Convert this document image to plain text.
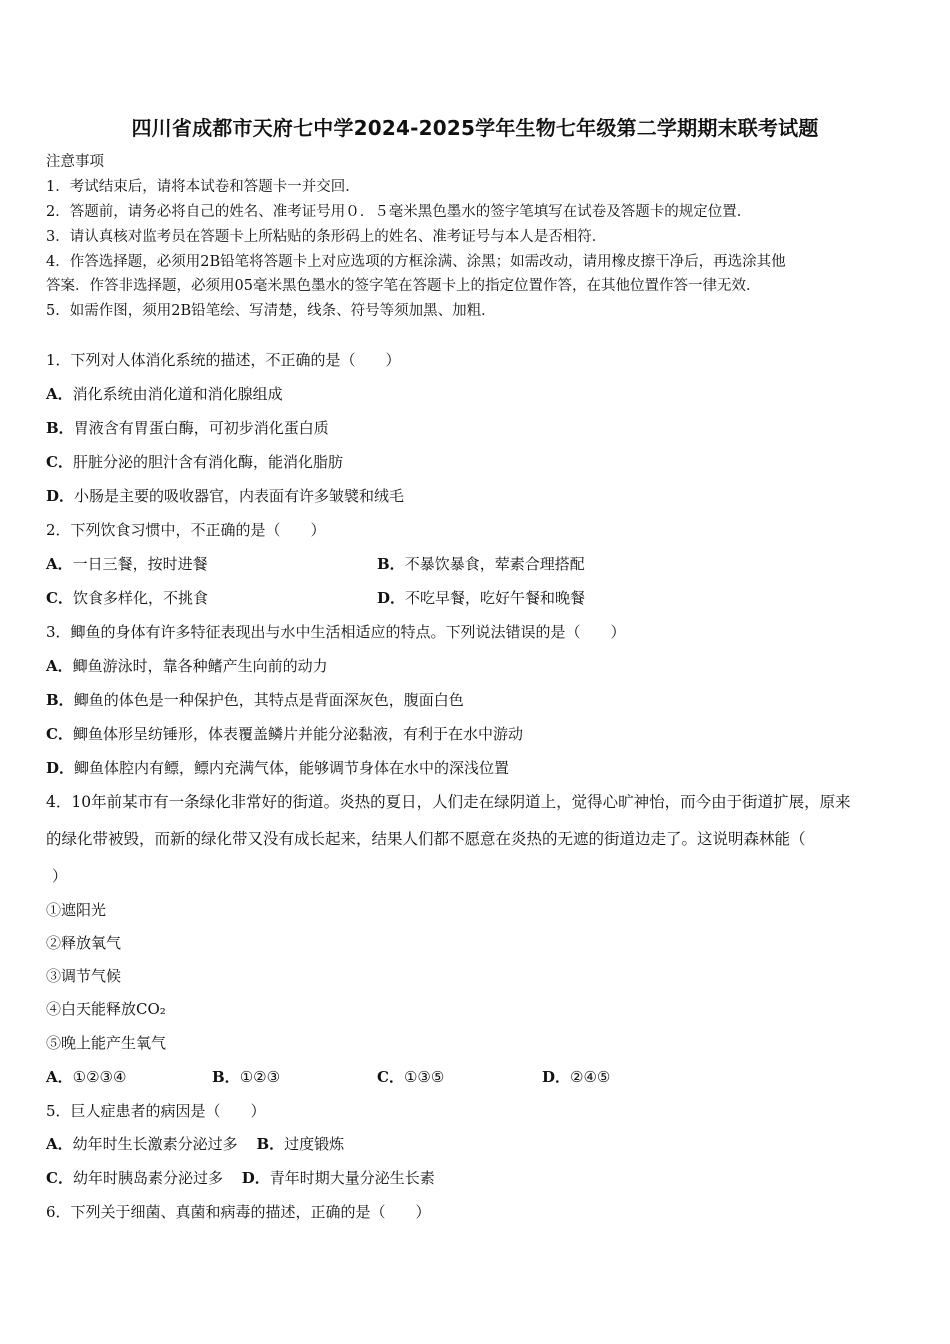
四川省成都市天府七中学2024-2025学年生物七年级第二学期期末联考试题
注意事项
1．考试结束后，请将本试卷和答题卡一并交回．
2．答题前，请务必将自己的姓名、准考证号用０．５毫米黑色墨水的签字笔填写在试卷及答题卡的规定位置．
3．请认真核对监考员在答题卡上所粘贴的条形码上的姓名、准考证号与本人是否相符．
4．作答选择题，必须用2B铅笔将答题卡上对应选项的方框涂满、涂黑；如需改动，请用橡皮擦干净后，再选涂其他
答案．作答非选择题，必须用05毫米黑色墨水的签字笔在答题卡上的指定位置作答，在其他位置作答一律无效．
5．如需作图，须用2B铅笔绘、写清楚，线条、符号等须加黑、加粗．
1．下列对人体消化系统的描述，不正确的是（　　）
A．消化系统由消化道和消化腺组成
B．胃液含有胃蛋白酶，可初步消化蛋白质
C．肝脏分泌的胆汁含有消化酶，能消化脂肪
D．小肠是主要的吸收器官，内表面有许多皱襞和绒毛
2．下列饮食习惯中，不正确的是（　　）
A．一日三餐，按时进餐	B．不暴饮暴食，荤素合理搭配
C．饮食多样化，不挑食	D．不吃早餐，吃好午餐和晚餐
3．鲫鱼的身体有许多特征表现出与水中生活相适应的特点。下列说法错误的是（　　）
A．鲫鱼游泳时，靠各种鳍产生向前的动力
B．鲫鱼的体色是一种保护色，其特点是背面深灰色，腹面白色
C．鲫鱼体形呈纺锤形，体表覆盖鳞片并能分泌黏液，有利于在水中游动
D．鲫鱼体腔内有鳔，鳔内充满气体，能够调节身体在水中的深浅位置
4．10年前某市有一条绿化非常好的街道。炎热的夏日，人们走在绿阴道上，觉得心旷神怡，而今由于街道扩展，原来
的绿化带被毁，而新的绿化带又没有成长起来，结果人们都不愿意在炎热的无遮的街道边走了。这说明森林能（
）
①遮阳光
②释放氧气
③调节气候
④白天能释放CO₂
⑤晚上能产生氧气
A．①②③④	B．①②③	C．①③⑤	D．②④⑤
5．巨人症患者的病因是（　　）
A．幼年时生长激素分泌过多 B．过度锻炼
C．幼年时胰岛素分泌过多 D．青年时期大量分泌生长素
6．下列关于细菌、真菌和病毒的描述，正确的是（　　）
